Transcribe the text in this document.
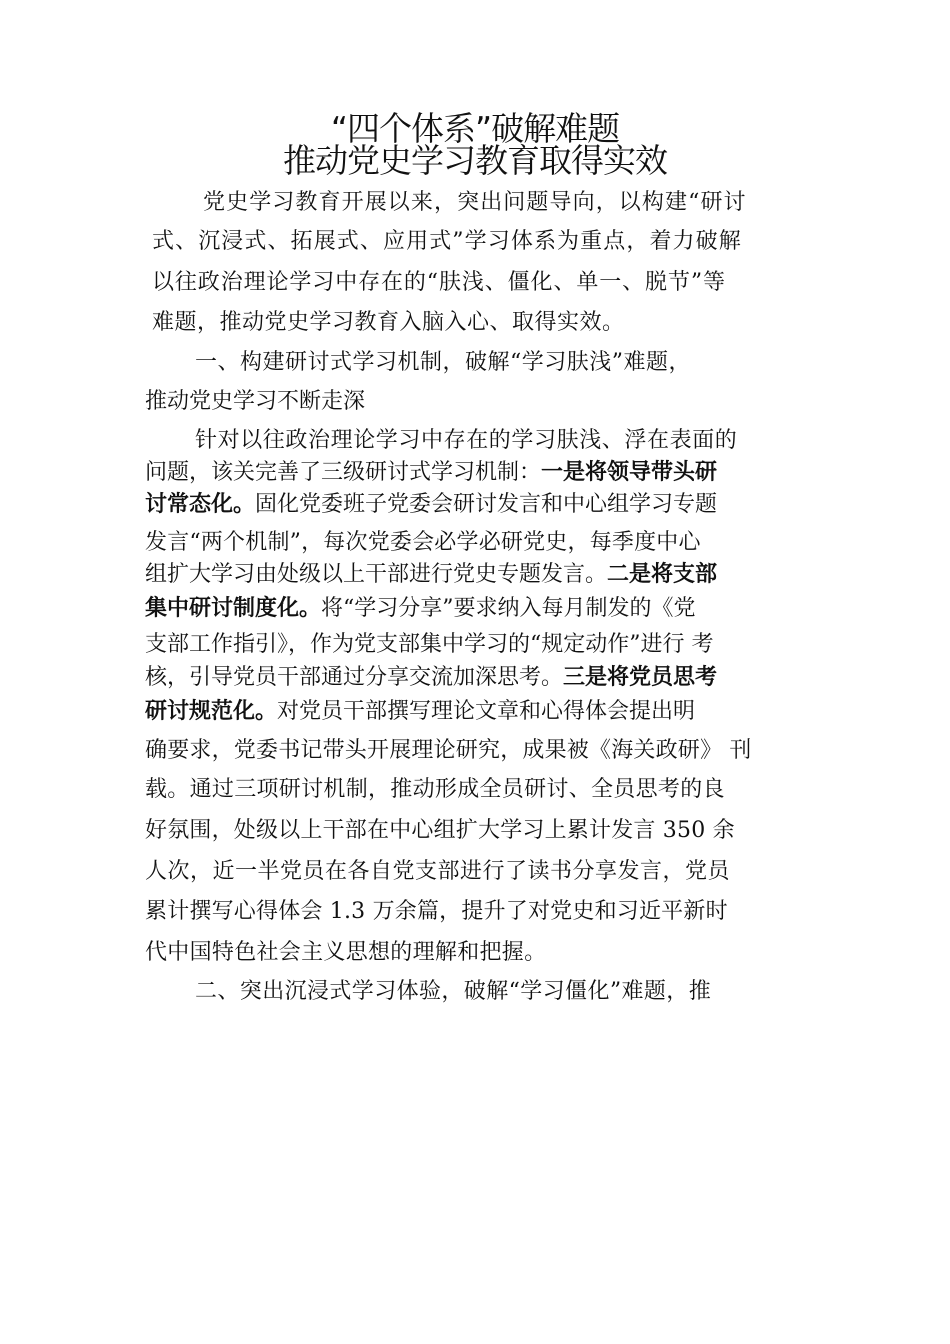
“四个体系”破解难题
推动党史学习教育取得实效
党史学习教育开展以来，突出问题导向，以构建“研讨
式、沉浸式、拓展式、应用式”学习体系为重点，着力破解
以往政治理论学习中存在的“肤浅、僵化、单一、脱节”等
难题，推动党史学习教育入脑入心、取得实效。
一、构建研讨式学习机制，破解“学习肤浅”难题，
推动党史学习不断走深
针对以往政治理论学习中存在的学习肤浅、浮在表面的
问题，该关完善了三级研讨式学习机制：一是将领导带头研
讨常态化。固化党委班子党委会研讨发言和中心组学习专题
发言“两个机制”，每次党委会必学必研党史，每季度中心
组扩大学习由处级以上干部进行党史专题发言。二是将支部
集中研讨制度化。将“学习分享”要求纳入每月制发的《党
支部工作指引》，作为党支部集中学习的“规定动作”进行 考
核，引导党员干部通过分享交流加深思考。三是将党员思考
研讨规范化。对党员干部撰写理论文章和心得体会提出明
确要求，党委书记带头开展理论研究，成果被《海关政研》 刊
载。通过三项研讨机制，推动形成全员研讨、全员思考的良
好氛围，处级以上干部在中心组扩大学习上累计发言 350 余
人次，近一半党员在各自党支部进行了读书分享发言，党员
累计撰写心得体会 1.3 万余篇，提升了对党史和习近平新时
代中国特色社会主义思想的理解和把握。
二、突出沉浸式学习体验，破解“学习僵化”难题，推
